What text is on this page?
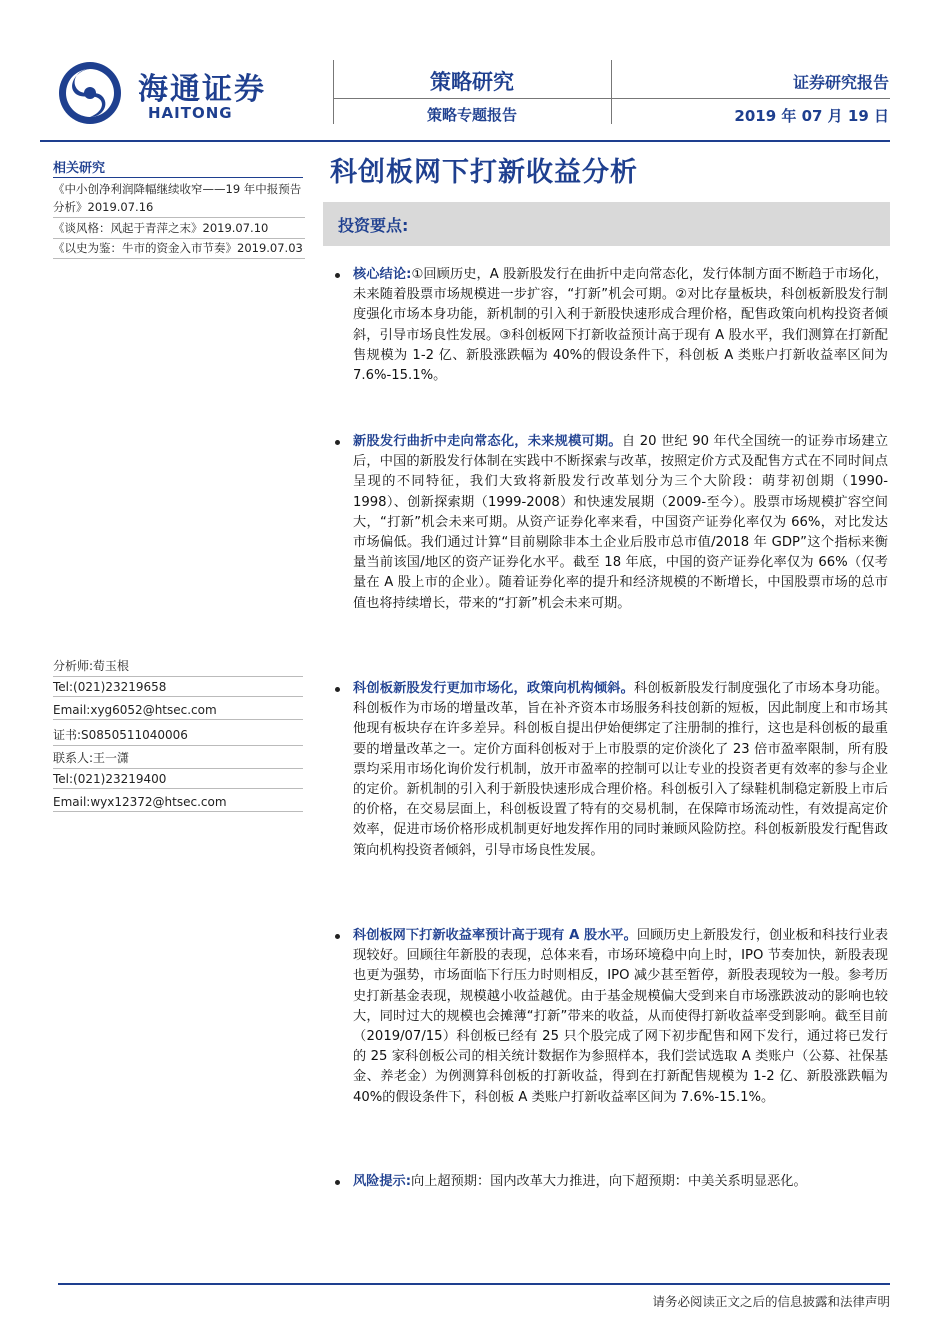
海通证券
HAITONG
策略研究
策略专题报告
证券研究报告
2019 年 07 月 19 日
相关研究
《中小创净利润降幅继续收窄——19 年中报预告分析》2019.07.16
《谈风格：风起于青萍之末》2019.07.10
《以史为鉴：牛市的资金入市节奏》2019.07.03
分析师:荀玉根
Tel:(021)23219658
Email:xyg6052@htsec.com
证书:S0850511040006
联系人:王一潇
Tel:(021)23219400
Email:wyx12372@htsec.com
科创板网下打新收益分析
投资要点:
核心结论:①回顾历史，A 股新股发行在曲折中走向常态化，发行体制方面不断趋于市场化，未来随着股票市场规模进一步扩容，“打新”机会可期。②对比存量板块，科创板新股发行制度强化市场本身功能，新机制的引入利于新股快速形成合理价格，配售政策向机构投资者倾斜，引导市场良性发展。③科创板网下打新收益预计高于现有 A 股水平，我们测算在打新配售规模为 1-2 亿、新股涨跌幅为 40%的假设条件下，科创板 A 类账户打新收益率区间为 7.6%-15.1%。
新股发行曲折中走向常态化，未来规模可期。自 20 世纪 90 年代全国统一的证券市场建立后，中国的新股发行体制在实践中不断探索与改革，按照定价方式及配售方式在不同时间点呈现的不同特征，我们大致将新股发行改革划分为三个大阶段：萌芽初创期（1990-1998）、创新探索期（1999-2008）和快速发展期（2009-至今）。股票市场规模扩容空间大，“打新”机会未来可期。从资产证券化率来看，中国资产证券化率仅为 66%，对比发达市场偏低。我们通过计算“目前剔除非本土企业后股市总市值/2018 年 GDP”这个指标来衡量当前该国/地区的资产证券化水平。截至 18 年底，中国的资产证券化率仅为 66%（仅考量在 A 股上市的企业）。随着证券化率的提升和经济规模的不断增长，中国股票市场的总市值也将持续增长，带来的“打新”机会未来可期。
科创板新股发行更加市场化，政策向机构倾斜。科创板新股发行制度强化了市场本身功能。科创板作为市场的增量改革，旨在补齐资本市场服务科技创新的短板，因此制度上和市场其他现有板块存在许多差异。科创板自提出伊始便绑定了注册制的推行，这也是科创板的最重要的增量改革之一。定价方面科创板对于上市股票的定价淡化了 23 倍市盈率限制，所有股票均采用市场化询价发行机制，放开市盈率的控制可以让专业的投资者更有效率的参与企业的定价。新机制的引入利于新股快速形成合理价格。科创板引入了绿鞋机制稳定新股上市后的价格，在交易层面上，科创板设置了特有的交易机制，在保障市场流动性，有效提高定价效率，促进市场价格形成机制更好地发挥作用的同时兼顾风险防控。科创板新股发行配售政策向机构投资者倾斜，引导市场良性发展。
科创板网下打新收益率预计高于现有 A 股水平。回顾历史上新股发行，创业板和科技行业表现较好。回顾往年新股的表现，总体来看，市场环境稳中向上时，IPO 节奏加快，新股表现也更为强势，市场面临下行压力时则相反，IPO 减少甚至暂停，新股表现较为一般。参考历史打新基金表现，规模越小收益越优。由于基金规模偏大受到来自市场涨跌波动的影响也较大，同时过大的规模也会摊薄“打新”带来的收益，从而使得打新收益率受到影响。截至目前（2019/07/15）科创板已经有 25 只个股完成了网下初步配售和网下发行，通过将已发行的 25 家科创板公司的相关统计数据作为参照样本，我们尝试选取 A 类账户（公募、社保基金、养老金）为例测算科创板的打新收益，得到在打新配售规模为 1-2 亿、新股涨跌幅为 40%的假设条件下，科创板 A 类账户打新收益率区间为 7.6%-15.1%。
风险提示:向上超预期：国内改革大力推进，向下超预期：中美关系明显恶化。
请务必阅读正文之后的信息披露和法律声明
